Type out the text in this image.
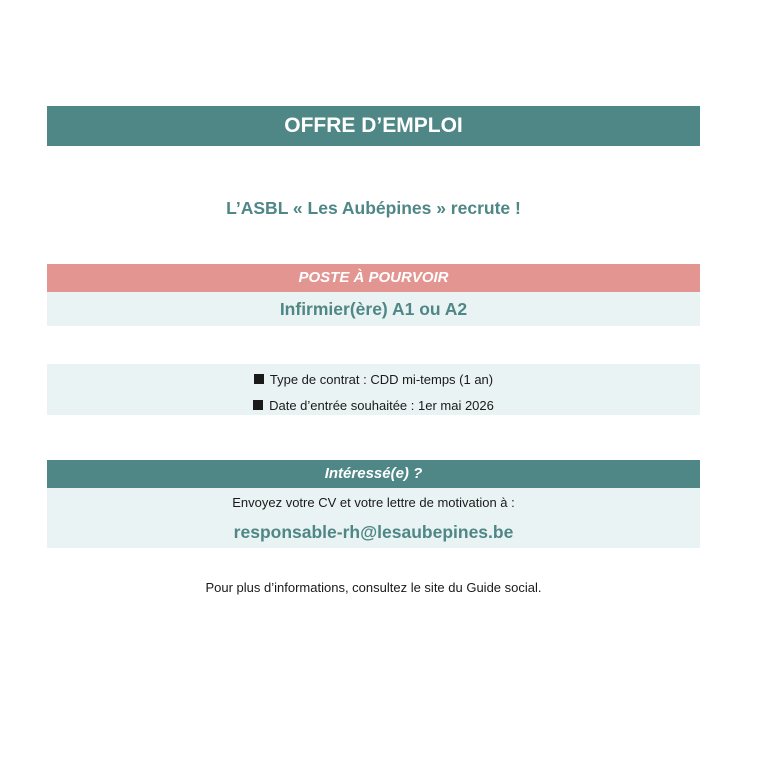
OFFRE D’EMPLOI
L’ASBL « Les Aubépines » recrute !
POSTE À POURVOIR
Infirmier(ère) A1 ou A2
Type de contrat : CDD mi-temps (1 an)
Date d’entrée souhaitée : 1er mai 2026
Intéressé(e) ?
Envoyez votre CV et votre lettre de motivation à :
responsable-rh@lesaubepines.be
Pour plus d’informations, consultez le site du Guide social.
